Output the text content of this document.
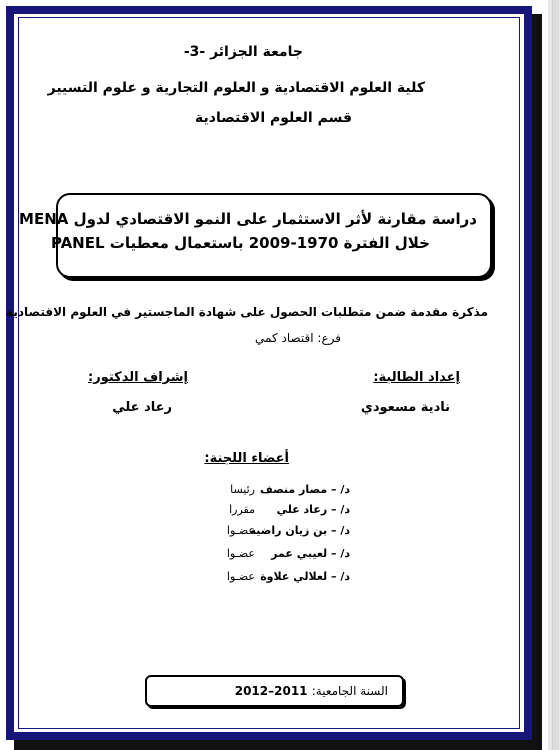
جامعة الجزائر -3-
كلية العلوم الاقتصادية و العلوم التجارية و علوم التسيير
قسم العلوم الاقتصادية
دراسة مقارنة لأثر الاستثمار على النمو الاقتصادي لدول MENA
خلال الفترة 1970-2009 باستعمال معطيات PANEL
مذكرة مقدمة ضمن متطلبات الحصول على شهادة الماجستير في العلوم الاقتصادية
فرع: اقتصاد كمي
إعداد الطالبة:
إشراف الدكتور:
نادية مسعودي
رعاد علي
أعضاء اللجنة:
د/ – مصار منصف
رئيسا
د/ – رعاد علي
مقررا
د/ – بن زيان راضية
عضـوا
د/ – لعيبي عمر
عضـوا
د/ – لعلالي علاوة
عضـوا
السنة الجامعية: 2011–2012
